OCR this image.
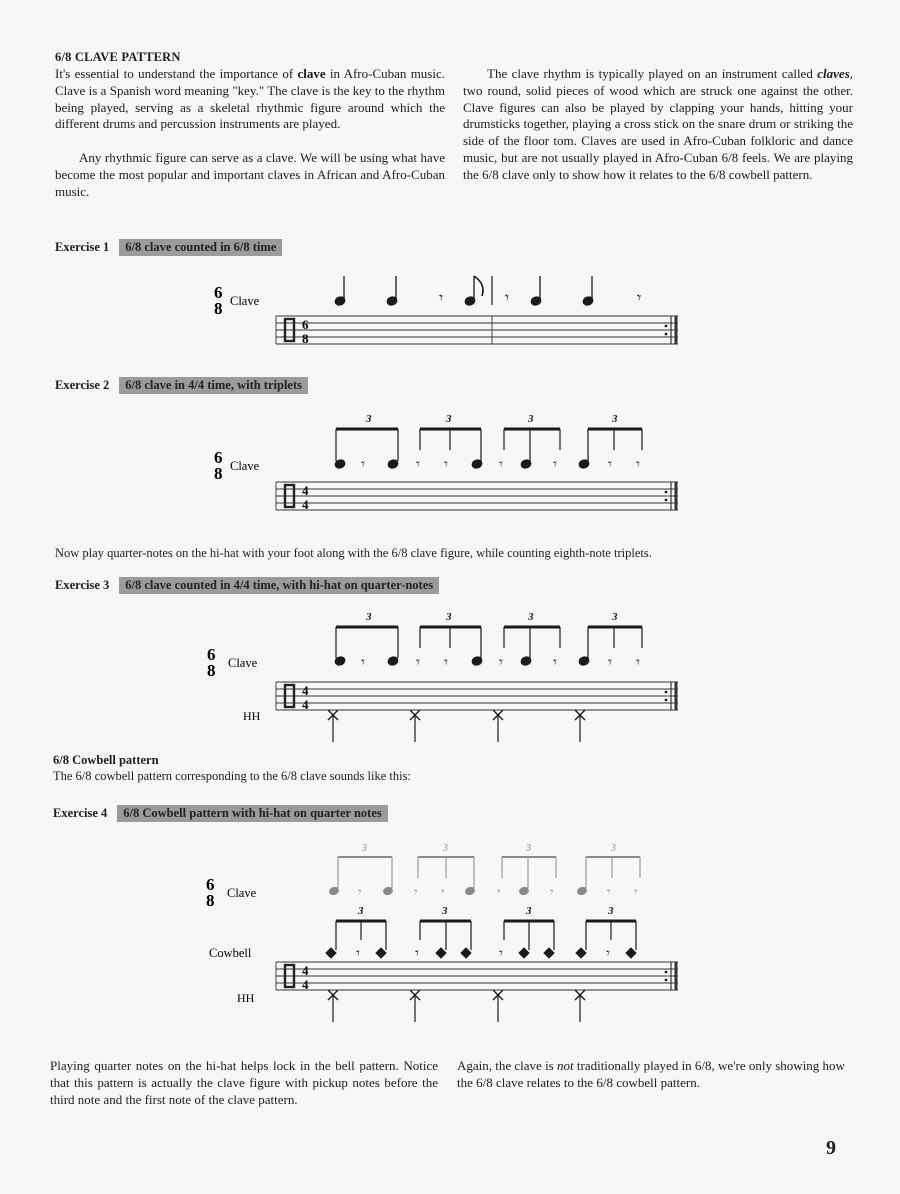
6/8 CLAVE PATTERN

It's essential to understand the importance of clave in Afro-Cuban music. Clave is a Spanish word meaning "key." The clave is the key to the rhythm being played, serving as a skeletal rhythmic figure around which the different drums and percussion instruments are played.

Any rhythmic figure can serve as a clave. We will be using what have become the most popular and important claves in African and Afro-Cuban music.

The clave rhythm is typically played on an instrument called claves, two round, solid pieces of wood which are struck one against the other. Clave figures can also be played by clapping your hands, hitting your drumsticks together, playing a cross stick on the snare drum or striking the side of the floor tom. Claves are used in Afro-Cuban folkloric and dance music, but are not usually played in Afro-Cuban 6/8 feels. We are playing the 6/8 clave only to show how it relates to the 6/8 cowbell pattern.

Exercise 1 6/8 clave counted in 6/8 time
6
8 Clave	𝄾	𝄾	𝄾
6
8
6
8 Clave	𝄾
3
𝄾 𝄾
3
𝄾	𝄾
3
𝄾 𝄾
3
4
4
6
8 Clave	𝄾
3
𝄾 𝄾
3
𝄾	𝄾
3
𝄾 𝄾
3
4
4
HH
6
8 Clave	𝄾
3
𝄾 𝄾
3
𝄾	𝄾
3
𝄾 𝄾
3
Cowbell	𝄾
3
𝄾
3
𝄾
3
𝄾
3
4
4
HH
Exercise 2 6/8 clave in 4/4 time, with triplets
Now play quarter-notes on the hi-hat with your foot along with the 6/8 clave figure, while counting eighth-note triplets.
Exercise 3 6/8 clave counted in 4/4 time, with hi-hat on quarter-notes
6/8 Cowbell pattern
The 6/8 cowbell pattern corresponding to the 6/8 clave sounds like this:
Exercise 4 6/8 Cowbell pattern with hi-hat on quarter notes

Playing quarter notes on the hi-hat helps lock in the bell pattern. Notice that this pattern is actually the clave figure with pickup notes before the third note and the first note of the clave pattern.

Again, the clave is not traditionally played in 6/8, we're only showing how the 6/8 clave relates to the 6/8 cowbell pattern.

9
